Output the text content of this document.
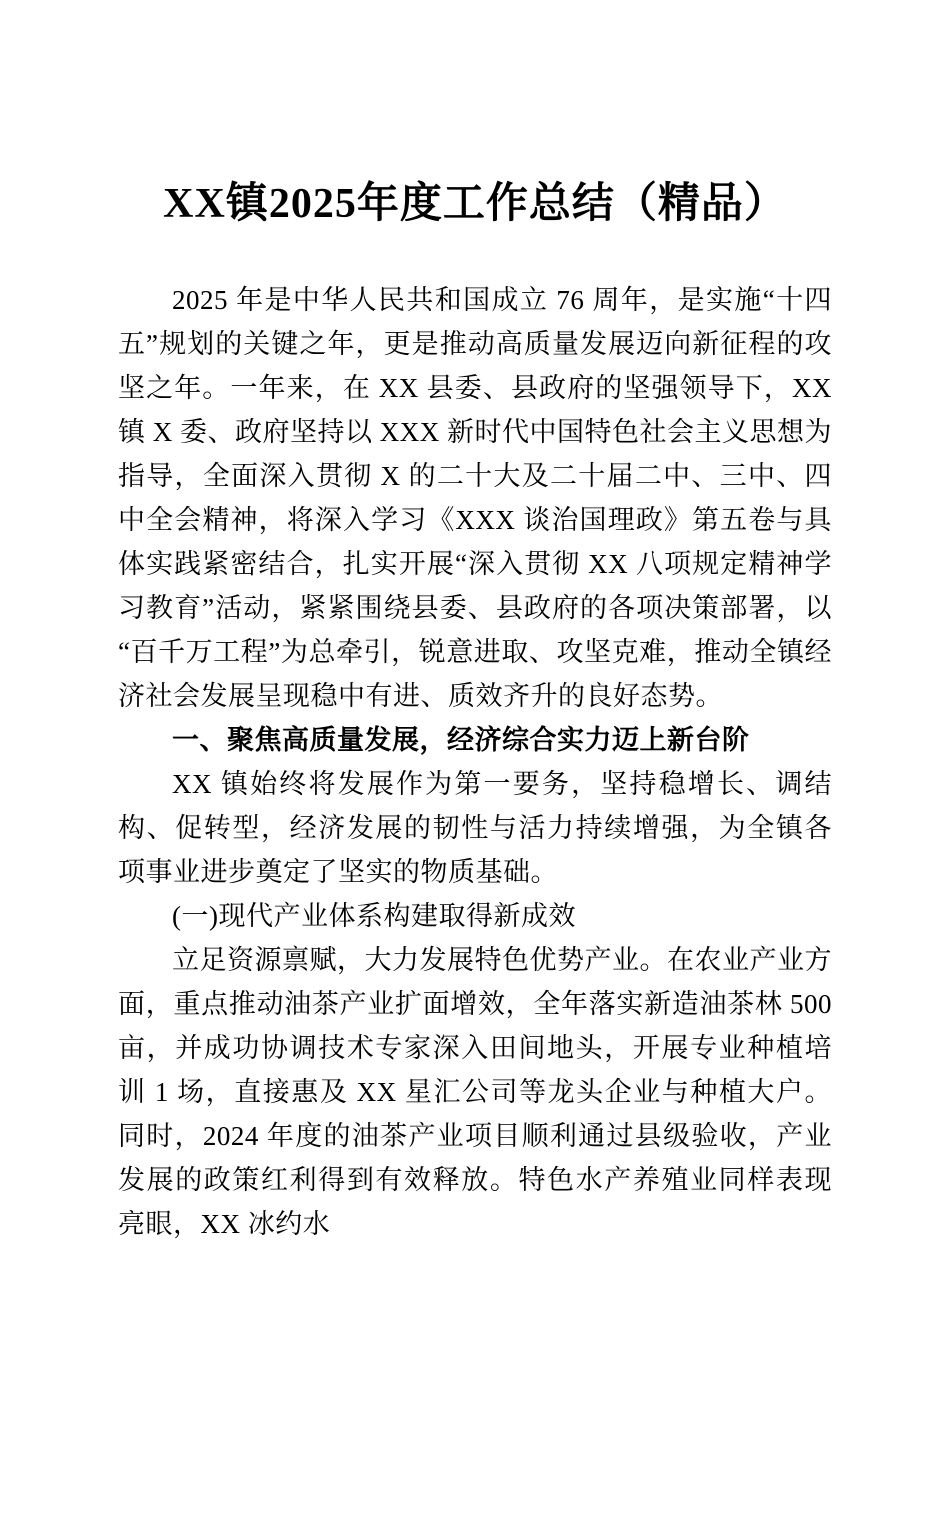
XX镇2025年度工作总结（精品）

2025 年是中华人民共和国成立 76 周年，是实施“十四五”规划的关键之年，更是推动高质量发展迈向新征程的攻坚之年。一年来，在 XX 县委、县政府的坚强领导下，XX 镇 X 委、政府坚持以 XXX 新时代中国特色社会主义思想为指导，全面深入贯彻 X 的二十大及二十届二中、三中、四中全会精神，将深入学习《XXX 谈治国理政》第五卷与具体实践紧密结合，扎实开展“深入贯彻 XX 八项规定精神学习教育”活动，紧紧围绕县委、县政府的各项决策部署，以“百千万工程”为总牵引，锐意进取、攻坚克难，推动全镇经济社会发展呈现稳中有进、质效齐升的良好态势。

一、聚焦高质量发展，经济综合实力迈上新台阶

XX 镇始终将发展作为第一要务，坚持稳增长、调结构、促转型，经济发展的韧性与活力持续增强，为全镇各项事业进步奠定了坚实的物质基础。

(一)现代产业体系构建取得新成效

立足资源禀赋，大力发展特色优势产业。在农业产业方面，重点推动油茶产业扩面增效，全年落实新造油茶林 500 亩，并成功协调技术专家深入田间地头，开展专业种植培训 1 场，直接惠及 XX 星汇公司等龙头企业与种植大户。同时，2024 年度的油茶产业项目顺利通过县级验收，产业发展的政策红利得到有效释放。特色水产养殖业同样表现亮眼，XX 冰约水
